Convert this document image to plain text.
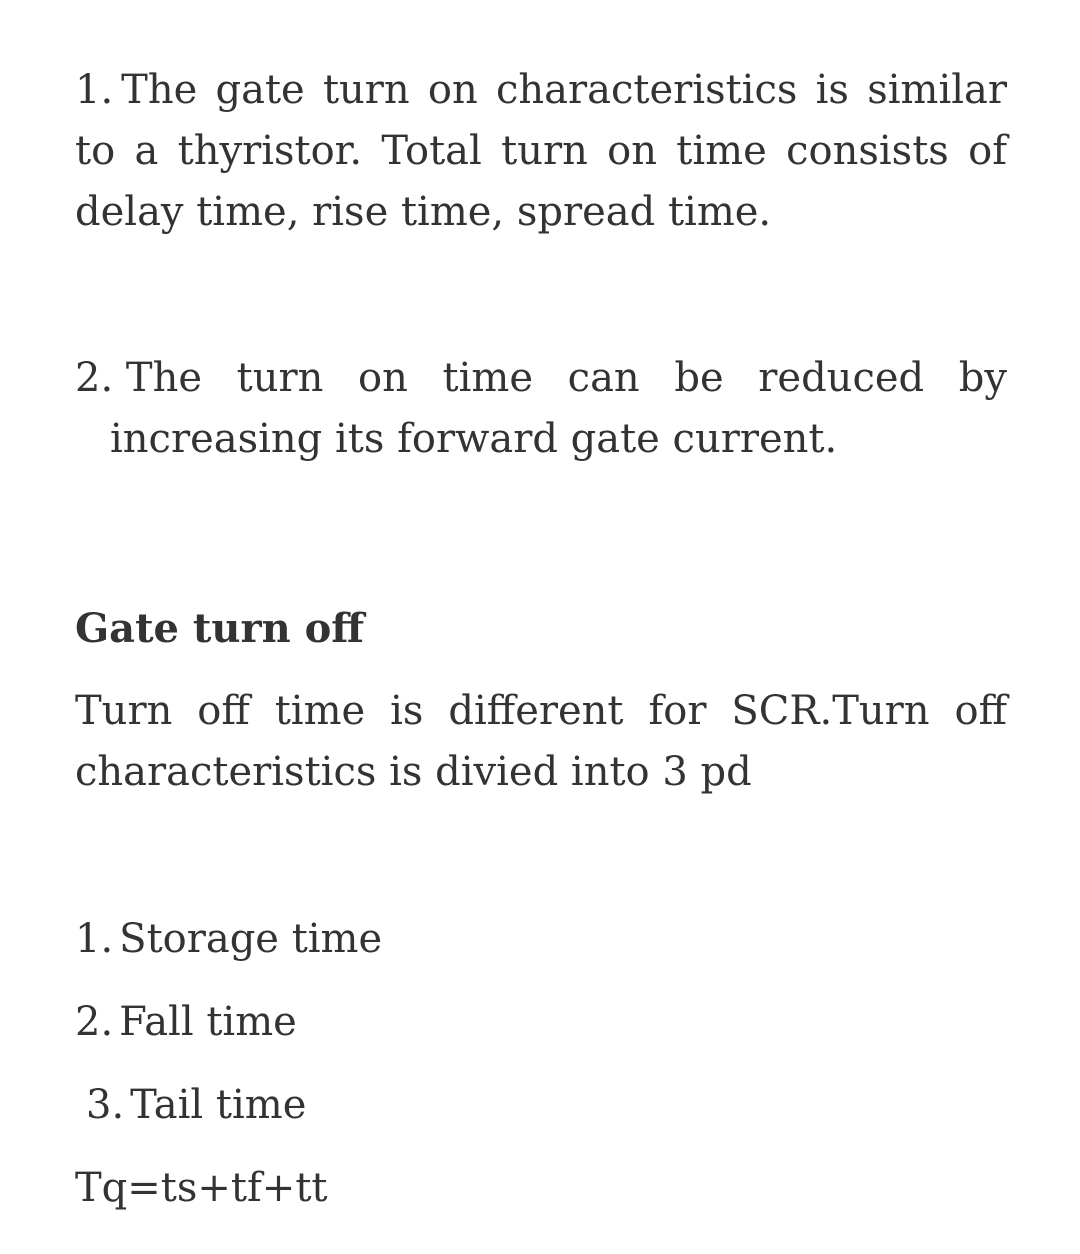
1. The gate turn on characteristics is similar to a thyristor. Total turn on time consists of delay time, rise time, spread time.
2. The turn on time can be reduced by
increasing its forward gate current.
Gate turn off
Turn off time is different for SCR.Turn off characteristics is divied into 3 pd
1. Storage time
2. Fall time
3. Tail time
Tq=ts+tf+tt
